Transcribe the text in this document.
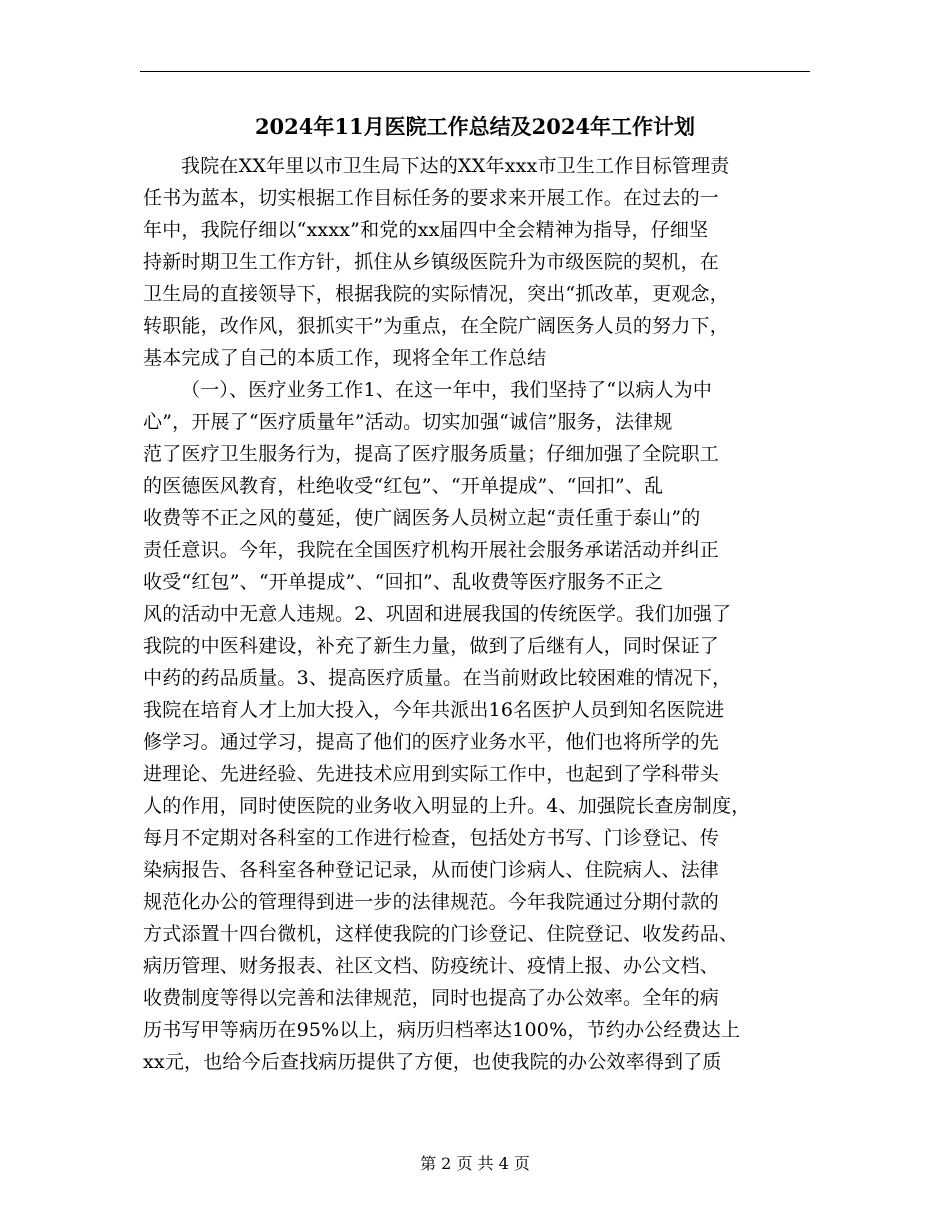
2024年11月医院工作总结及2024年工作计划
我院在XX年里以市卫生局下达的XX年xxx市卫生工作目标管理责
任书为蓝本，切实根据工作目标任务的要求来开展工作。在过去的一
年中，我院仔细以“xxxx”和党的xx届四中全会精神为指导，仔细坚
持新时期卫生工作方针，抓住从乡镇级医院升为市级医院的契机，在
卫生局的直接领导下，根据我院的实际情况，突出“抓改革，更观念，
转职能，改作风，狠抓实干”为重点，在全院广阔医务人员的努力下，
基本完成了自己的本质工作，现将全年工作总结
（一）、医疗业务工作1、在这一年中，我们坚持了“以病人为中
心”，开展了“医疗质量年”活动。切实加强“诚信”服务，法律规
范了医疗卫生服务行为，提高了医疗服务质量；仔细加强了全院职工
的医德医风教育，杜绝收受“红包”、“开单提成”、“回扣”、乱
收费等不正之风的蔓延，使广阔医务人员树立起“责任重于泰山”的
责任意识。今年，我院在全国医疗机构开展社会服务承诺活动并纠正
收受“红包”、“开单提成”、“回扣”、乱收费等医疗服务不正之
风的活动中无意人违规。2、巩固和进展我国的传统医学。我们加强了
我院的中医科建设，补充了新生力量，做到了后继有人，同时保证了
中药的药品质量。3、提高医疗质量。在当前财政比较困难的情况下，
我院在培育人才上加大投入，今年共派出16名医护人员到知名医院进
修学习。通过学习，提高了他们的医疗业务水平，他们也将所学的先
进理论、先进经验、先进技术应用到实际工作中，也起到了学科带头
人的作用，同时使医院的业务收入明显的上升。4、加强院长查房制度，
每月不定期对各科室的工作进行检查，包括处方书写、门诊登记、传
染病报告、各科室各种登记记录，从而使门诊病人、住院病人、法律
规范化办公的管理得到进一步的法律规范。今年我院通过分期付款的
方式添置十四台微机，这样使我院的门诊登记、住院登记、收发药品、
病历管理、财务报表、社区文档、防疫统计、疫情上报、办公文档、
收费制度等得以完善和法律规范，同时也提高了办公效率。全年的病
历书写甲等病历在95%以上，病历归档率达100%，节约办公经费达上
xx元，也给今后查找病历提供了方便，也使我院的办公效率得到了质
第 2 页 共 4 页
